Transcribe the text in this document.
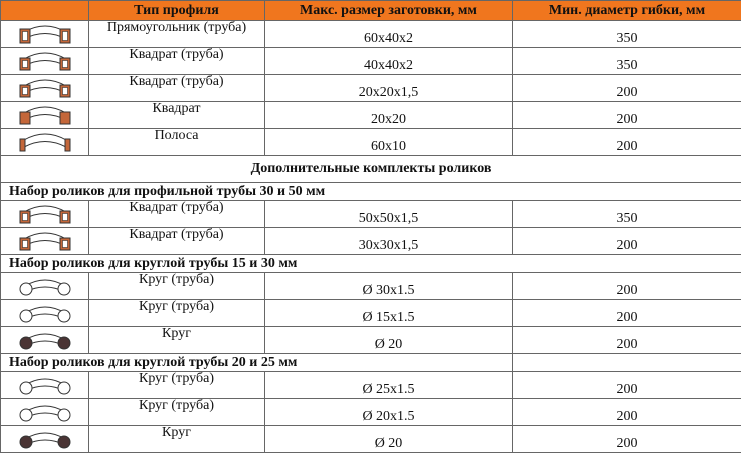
	Тип профиля	Макс. размер заготовки, мм	Мин. диаметр гибки, мм

	Прямоугольник (труба)	60x40x2	350

	Квадрат (труба)	40x40x2	350

	Квадрат (труба)	20x20x1,5	200

	Квадрат	20x20	200

	Полоса	60x10	200
Дополнительные комплекты роликов			
Набор роликов для профильной трубы 30 и 50 мм			

	Квадрат (труба)	50x50x1,5	350

	Квадрат (труба)	30x30x1,5	200
Набор роликов для круглой трубы 15 и 30 мм			

	Круг (труба)	Ø 30x1.5	200

	Круг (труба)	Ø 15x1.5	200

	Круг	Ø 20	200
Набор роликов для круглой трубы 20 и 25 мм			

	Круг (труба)	Ø 25x1.5	200

	Круг (труба)	Ø 20x1.5	200

	Круг	Ø 20	200
